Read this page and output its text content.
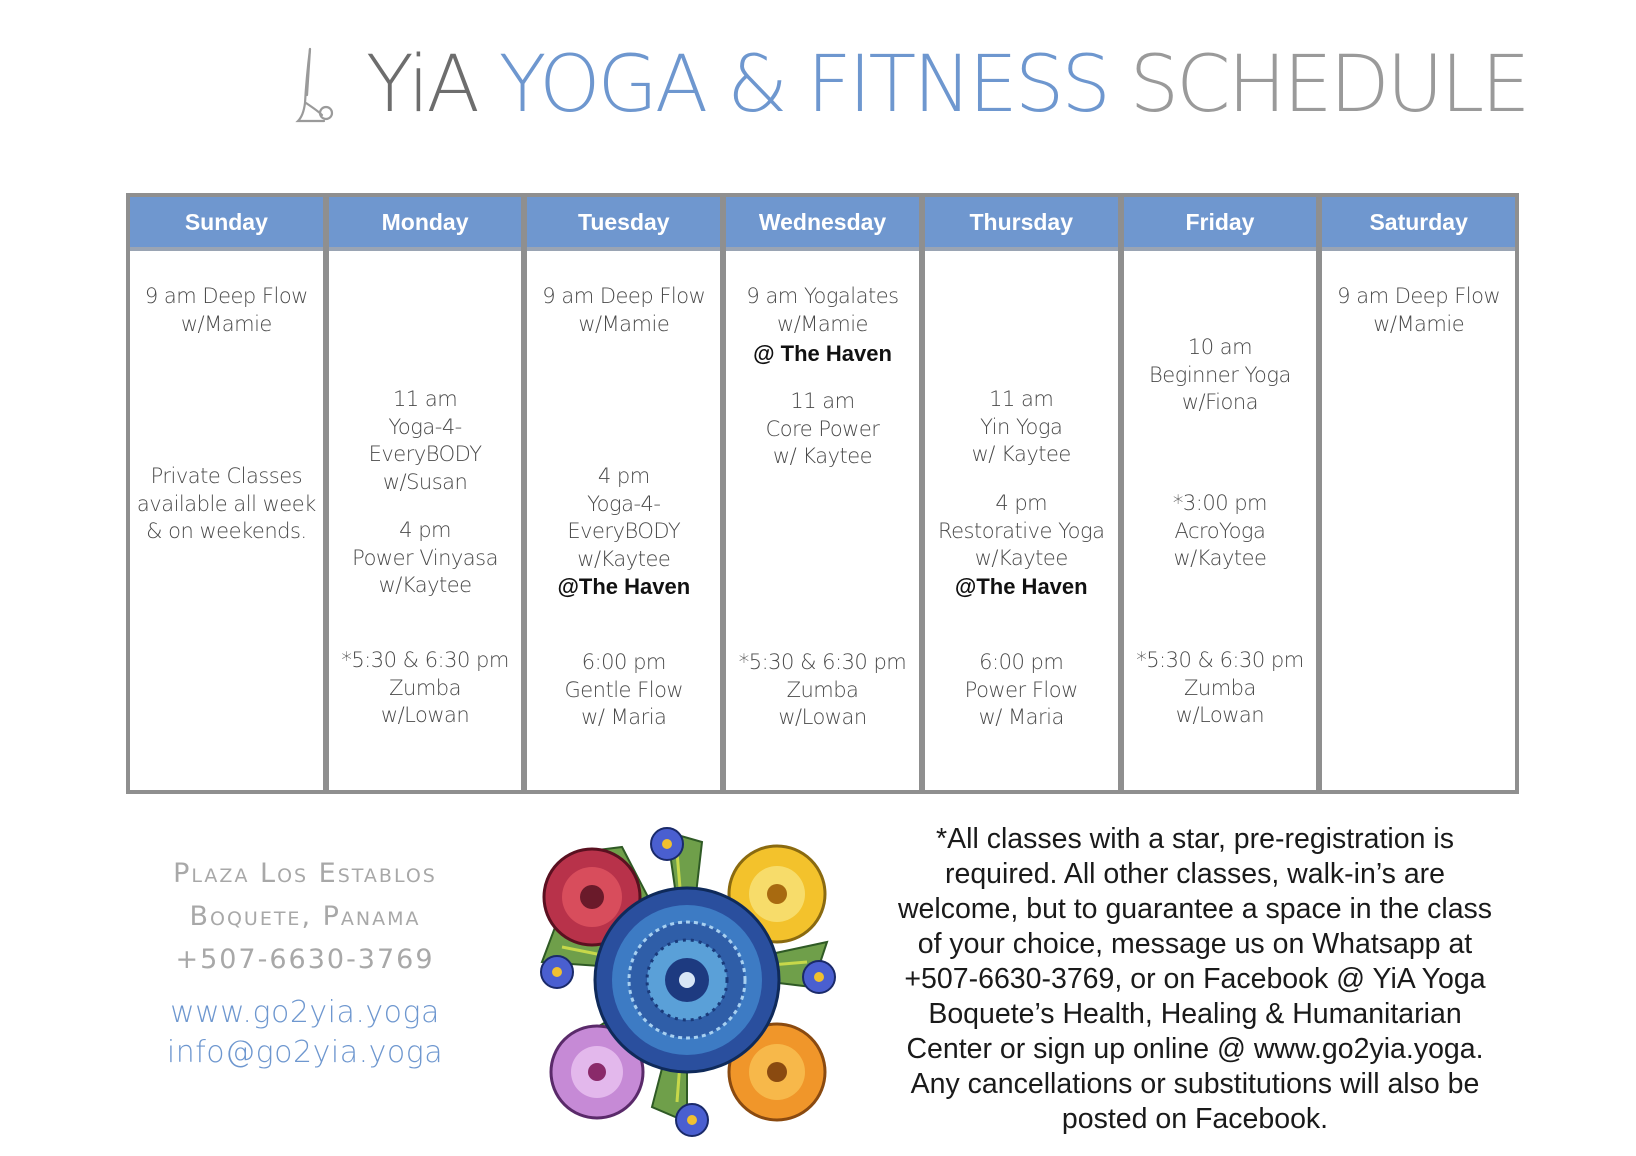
YiA YOGA & FITNESS SCHEDULE
Sunday
9 am Deep Flow
w/Mamie
Private Classes
available all week
& on weekends.
Monday
11 am
Yoga-4-
EveryBODY
w/Susan
4 pm
Power Vinyasa
w/Kaytee
*5:30 & 6:30 pm
Zumba
w/Lowan
Tuesday
9 am Deep Flow
w/Mamie
4 pm
Yoga-4-
EveryBODY
w/Kaytee
@The Haven
6:00 pm
Gentle Flow
w/ Maria
Wednesday
9 am Yogalates
w/Mamie
@ The Haven
11 am
Core Power
w/ Kaytee
*5:30 & 6:30 pm
Zumba
w/Lowan
Thursday
11 am
Yin Yoga
w/ Kaytee
4 pm
Restorative Yoga
w/Kaytee
@The Haven
6:00 pm
Power Flow
w/ Maria
Friday
10 am
Beginner Yoga
w/Fiona
*3:00 pm
AcroYoga
w/Kaytee
*5:30 & 6:30 pm
Zumba
w/Lowan
Saturday
9 am Deep Flow
w/Mamie
Plaza Los Establos
Boquete, Panama
+507-6630-3769
www.go2yia.yoga
info@go2yia.yoga
*All classes with a star, pre-registration is
required. All other classes, walk-in’s are
welcome, but to guarantee a space in the class
of your choice, message us on Whatsapp at
+507-6630-3769, or on Facebook @ YiA Yoga
Boquete’s Health, Healing & Humanitarian
Center or sign up online @ www.go2yia.yoga.
Any cancellations or substitutions will also be
posted on Facebook.
